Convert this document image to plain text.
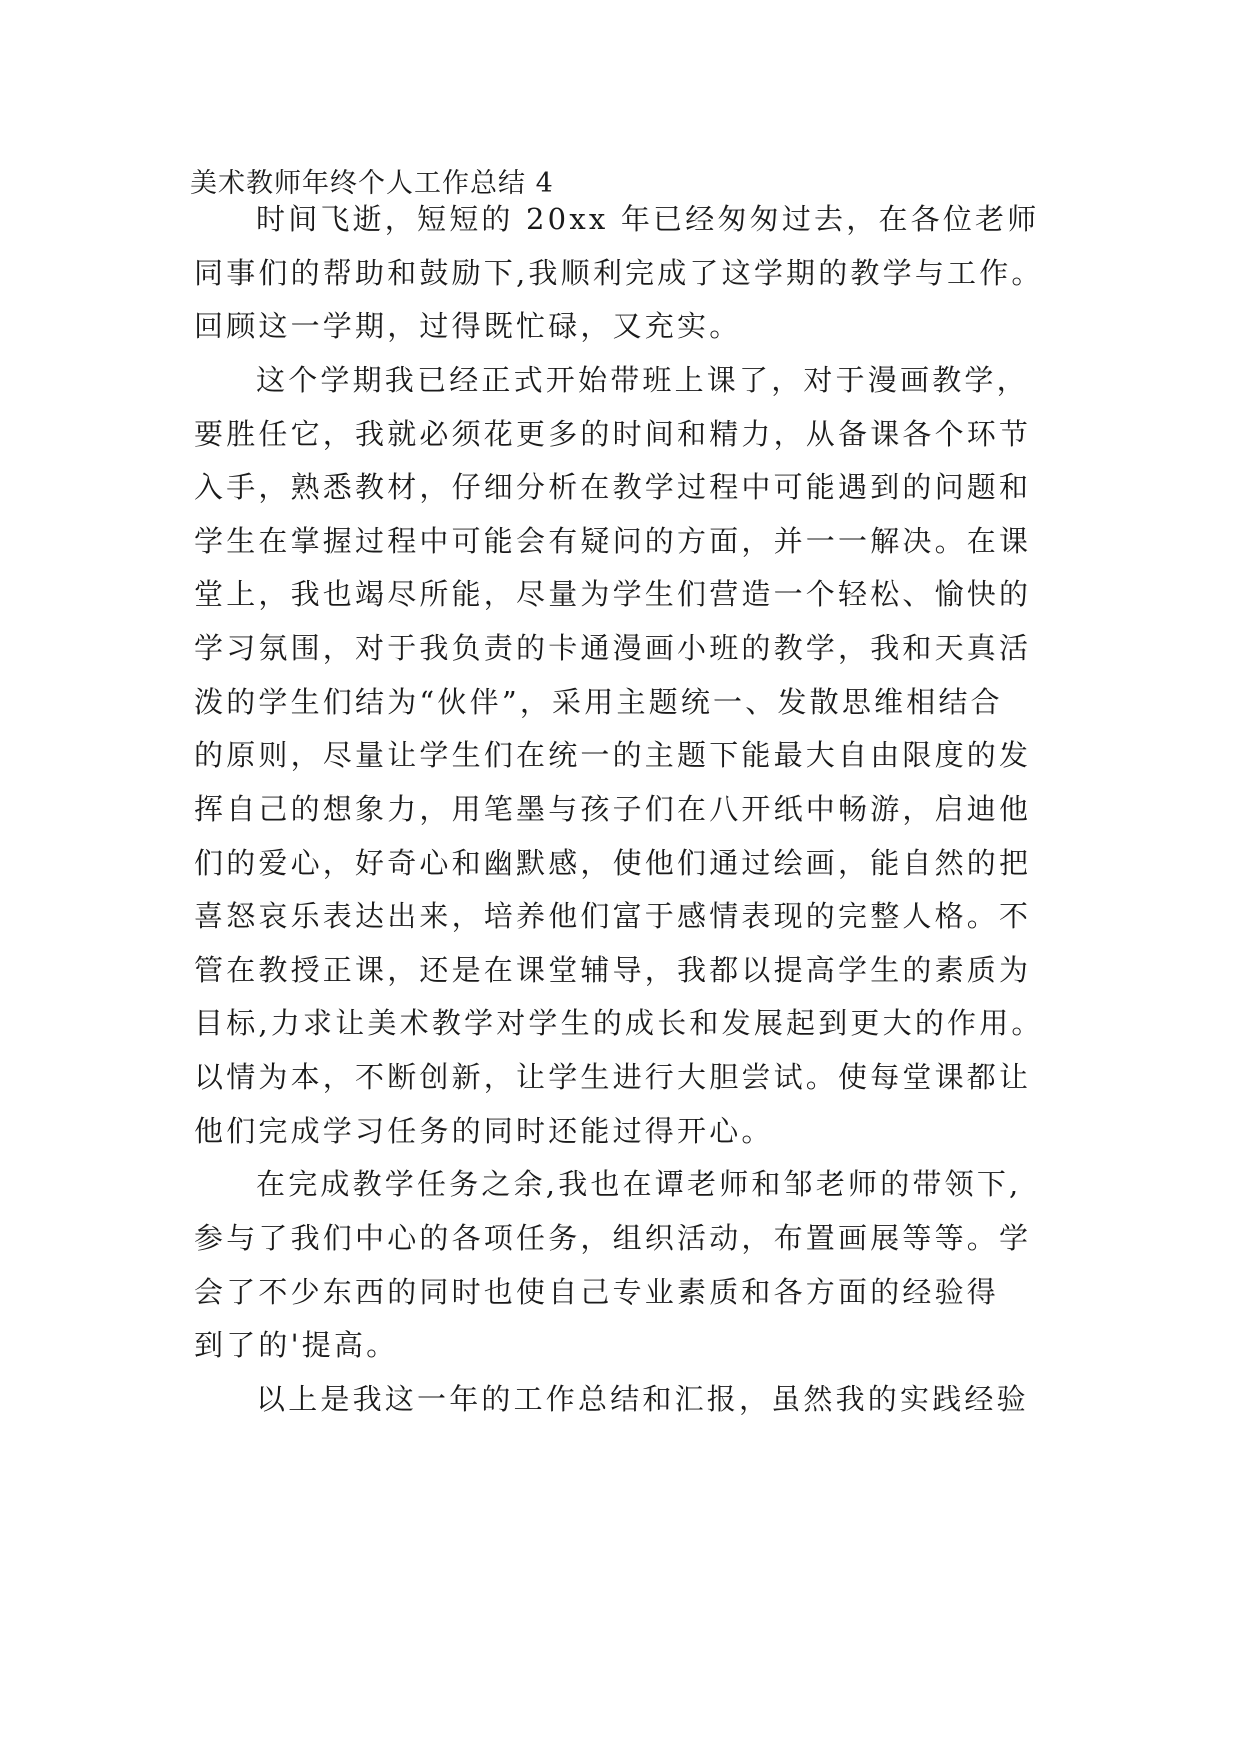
美术教师年终个人工作总结 4
时间飞逝，短短的 20xx 年已经匆匆过去，在各位老师
同事们的帮助和鼓励下,我顺利完成了这学期的教学与工作。
回顾这一学期，过得既忙碌，又充实。
这个学期我已经正式开始带班上课了，对于漫画教学，
要胜任它，我就必须花更多的时间和精力，从备课各个环节
入手，熟悉教材，仔细分析在教学过程中可能遇到的问题和
学生在掌握过程中可能会有疑问的方面，并一一解决。在课
堂上，我也竭尽所能，尽量为学生们营造一个轻松、愉快的
学习氛围，对于我负责的卡通漫画小班的教学，我和天真活
泼的学生们结为“伙伴”，采用主题统一、发散思维相结合
的原则，尽量让学生们在统一的主题下能最大自由限度的发
挥自己的想象力，用笔墨与孩子们在八开纸中畅游，启迪他
们的爱心，好奇心和幽默感，使他们通过绘画，能自然的把
喜怒哀乐表达出来，培养他们富于感情表现的完整人格。不
管在教授正课，还是在课堂辅导，我都以提高学生的素质为
目标,力求让美术教学对学生的成长和发展起到更大的作用。
以情为本，不断创新，让学生进行大胆尝试。使每堂课都让
他们完成学习任务的同时还能过得开心。
在完成教学任务之余,我也在谭老师和邹老师的带领下,
参与了我们中心的各项任务，组织活动，布置画展等等。学
会了不少东西的同时也使自己专业素质和各方面的经验得
到了的'提高。
以上是我这一年的工作总结和汇报，虽然我的实践经验
